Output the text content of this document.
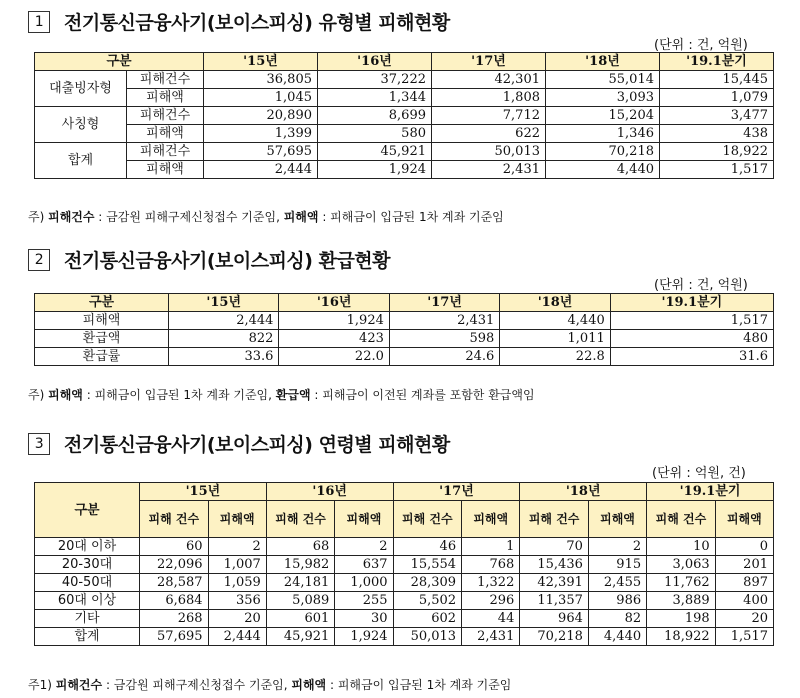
1	전기통신금융사기(보이스피싱) 유형별 피해현황
(단위 : 건, 억원)
구분		'15년	'16년	'17년	'18년	'19.1분기
대출빙자형	피해건수	36,805	37,222	42,301	55,014	15,445
	피해액	1,045	1,344	1,808	3,093	1,079
사칭형	피해건수	20,890	8,699	7,712	15,204	3,477
	피해액	1,399	580	622	1,346	438
합계	피해건수	57,695	45,921	50,013	70,218	18,922
	피해액	2,444	1,924	2,431	4,440	1,517
주) 피해건수 : 금감원 피해구제신청접수 기준임, 피해액 : 피해금이 입금된 1차 계좌 기준임
2	전기통신금융사기(보이스피싱) 환급현황
(단위 : 건, 억원)
구분	'15년	'16년	'17년	'18년	'19.1분기
피해액	2,444	1,924	2,431	4,440	1,517
환급액	822	423	598	1,011	480
환급률	33.6	22.0	24.6	22.8	31.6
주) 피해액 : 피해금이 입금된 1차 계좌 기준임, 환급액 : 피해금이 이전된 계좌를 포함한 환급액임
3	전기통신금융사기(보이스피싱) 연령별 피해현황
(단위 : 억원, 건)
구분	'15년		'16년		'17년		'18년		'19.1분기	
	피해 건수	피해액	피해 건수	피해액	피해 건수	피해액	피해 건수	피해액	피해 건수	피해액
20대 이하	60	2	68	2	46	1	70	2	10	0
20-30대	22,096	1,007	15,982	637	15,554	768	15,436	915	3,063	201
40-50대	28,587	1,059	24,181	1,000	28,309	1,322	42,391	2,455	11,762	897
60대 이상	6,684	356	5,089	255	5,502	296	11,357	986	3,889	400
기타	268	20	601	30	602	44	964	82	198	20
합계	57,695	2,444	45,921	1,924	50,013	2,431	70,218	4,440	18,922	1,517
주1) 피해건수 : 금감원 피해구제신청접수 기준임, 피해액 : 피해금이 입금된 1차 계좌 기준임
